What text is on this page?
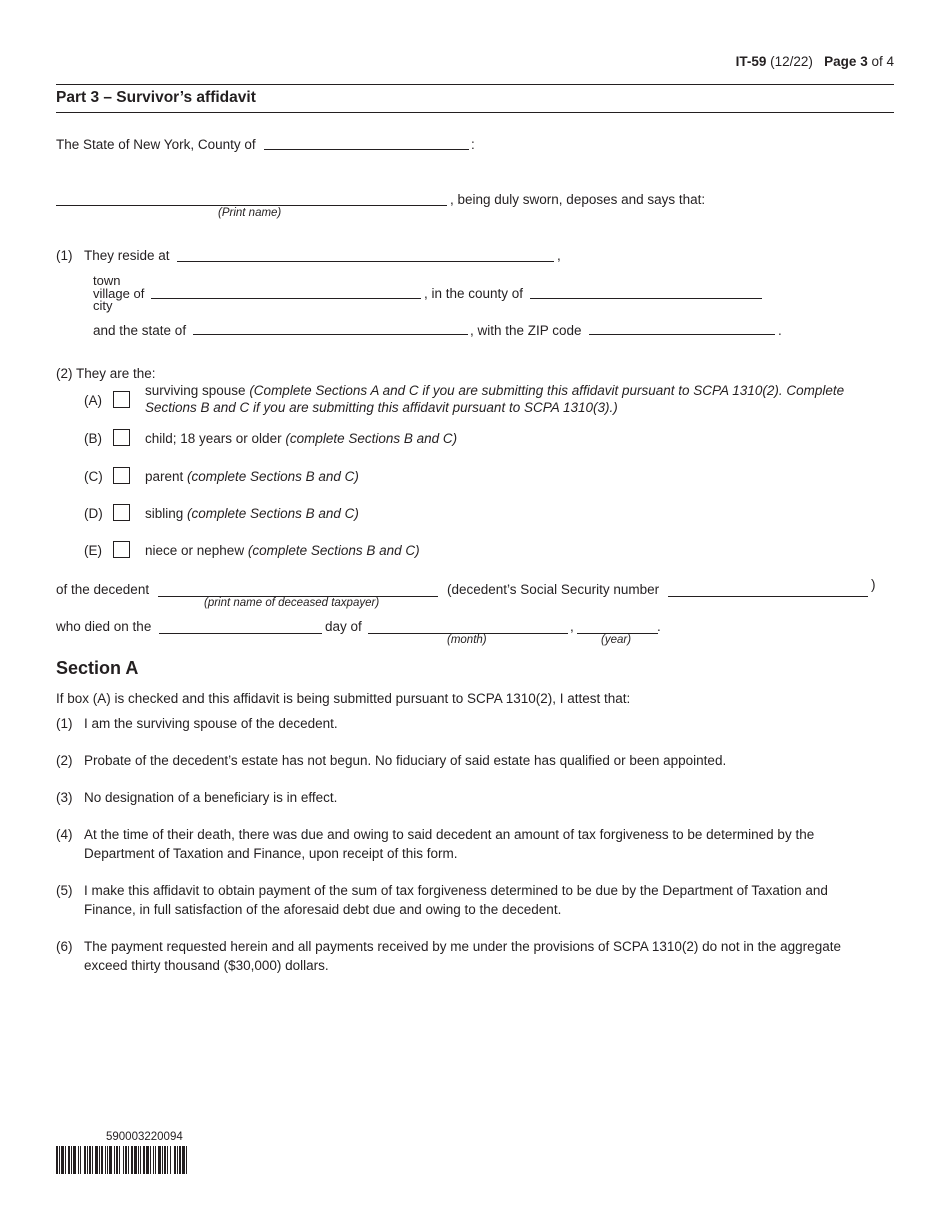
IT-59 (12/22) Page 3 of 4
Part 3 – Survivor’s affidavit
The State of New York, County of	:
, being duly sworn, deposes and says that:
(Print name)
(1) They reside at	,
town
village of
city
, in the county of
and the state of	, with the ZIP code	.
(2) They are the:
(A)
surviving spouse (Complete Sections A and C if you are submitting this affidavit pursuant to SCPA 1310(2). Complete
Sections B and C if you are submitting this affidavit pursuant to SCPA 1310(3).)
(B)	child; 18 years or older (complete Sections B and C)
(C)	parent (complete Sections B and C)
(D)	sibling (complete Sections B and C)
(E)	niece or nephew (complete Sections B and C)
of the decedent
(print name of deceased taxpayer)
(decedent’s Social Security number	)
who died on the	day of	,	.
(month)	(year)
Section A
If box (A) is checked and this affidavit is being submitted pursuant to SCPA 1310(2), I attest that:
(1) I am the surviving spouse of the decedent.
(2) Probate of the decedent’s estate has not begun. No fiduciary of said estate has qualified or been appointed.
(3) No designation of a beneficiary is in effect.
(4) At the time of their death, there was due and owing to said decedent an amount of tax forgiveness to be determined by the
Department of Taxation and Finance, upon receipt of this form.
(5) I make this affidavit to obtain payment of the sum of tax forgiveness determined to be due by the Department of Taxation and
Finance, in full satisfaction of the aforesaid debt due and owing to the decedent.
(6) The payment requested herein and all payments received by me under the provisions of SCPA 1310(2) do not in the aggregate
exceed thirty thousand ($30,000) dollars.
590003220094
